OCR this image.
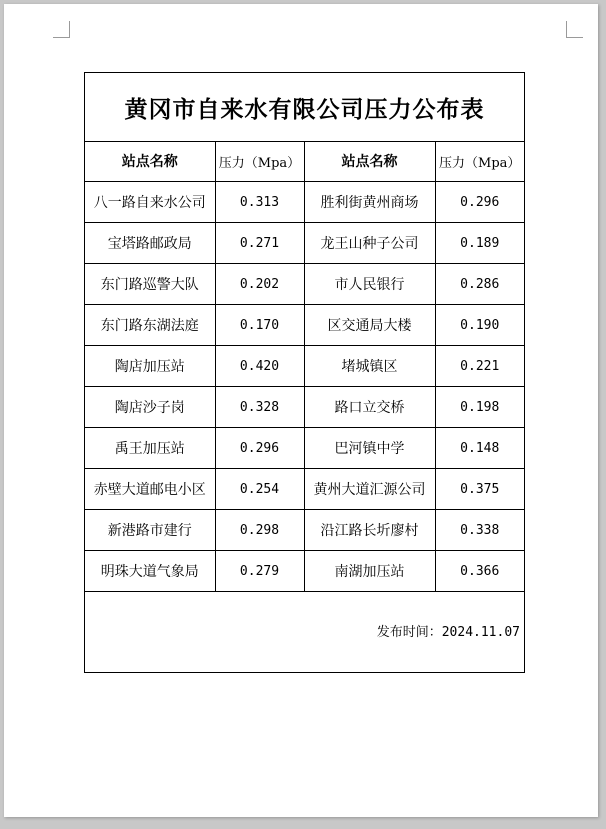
黄冈市自来水有限公司压力公布表
站点名称	压力（Mpa）	站点名称	压力（Mpa）
八一路自来水公司	0.313	胜利街黄州商场	0.296
宝塔路邮政局	0.271	龙王山种子公司	0.189
东门路巡警大队	0.202	市人民银行	0.286
东门路东湖法庭	0.170	区交通局大楼	0.190
陶店加压站	0.420	堵城镇区	0.221
陶店沙子岗	0.328	路口立交桥	0.198
禹王加压站	0.296	巴河镇中学	0.148
赤壁大道邮电小区	0.254	黄州大道汇源公司	0.375
新港路市建行	0.298	沿江路长圻廖村	0.338
明珠大道气象局	0.279	南湖加压站	0.366
发布时间：2024.11.07
